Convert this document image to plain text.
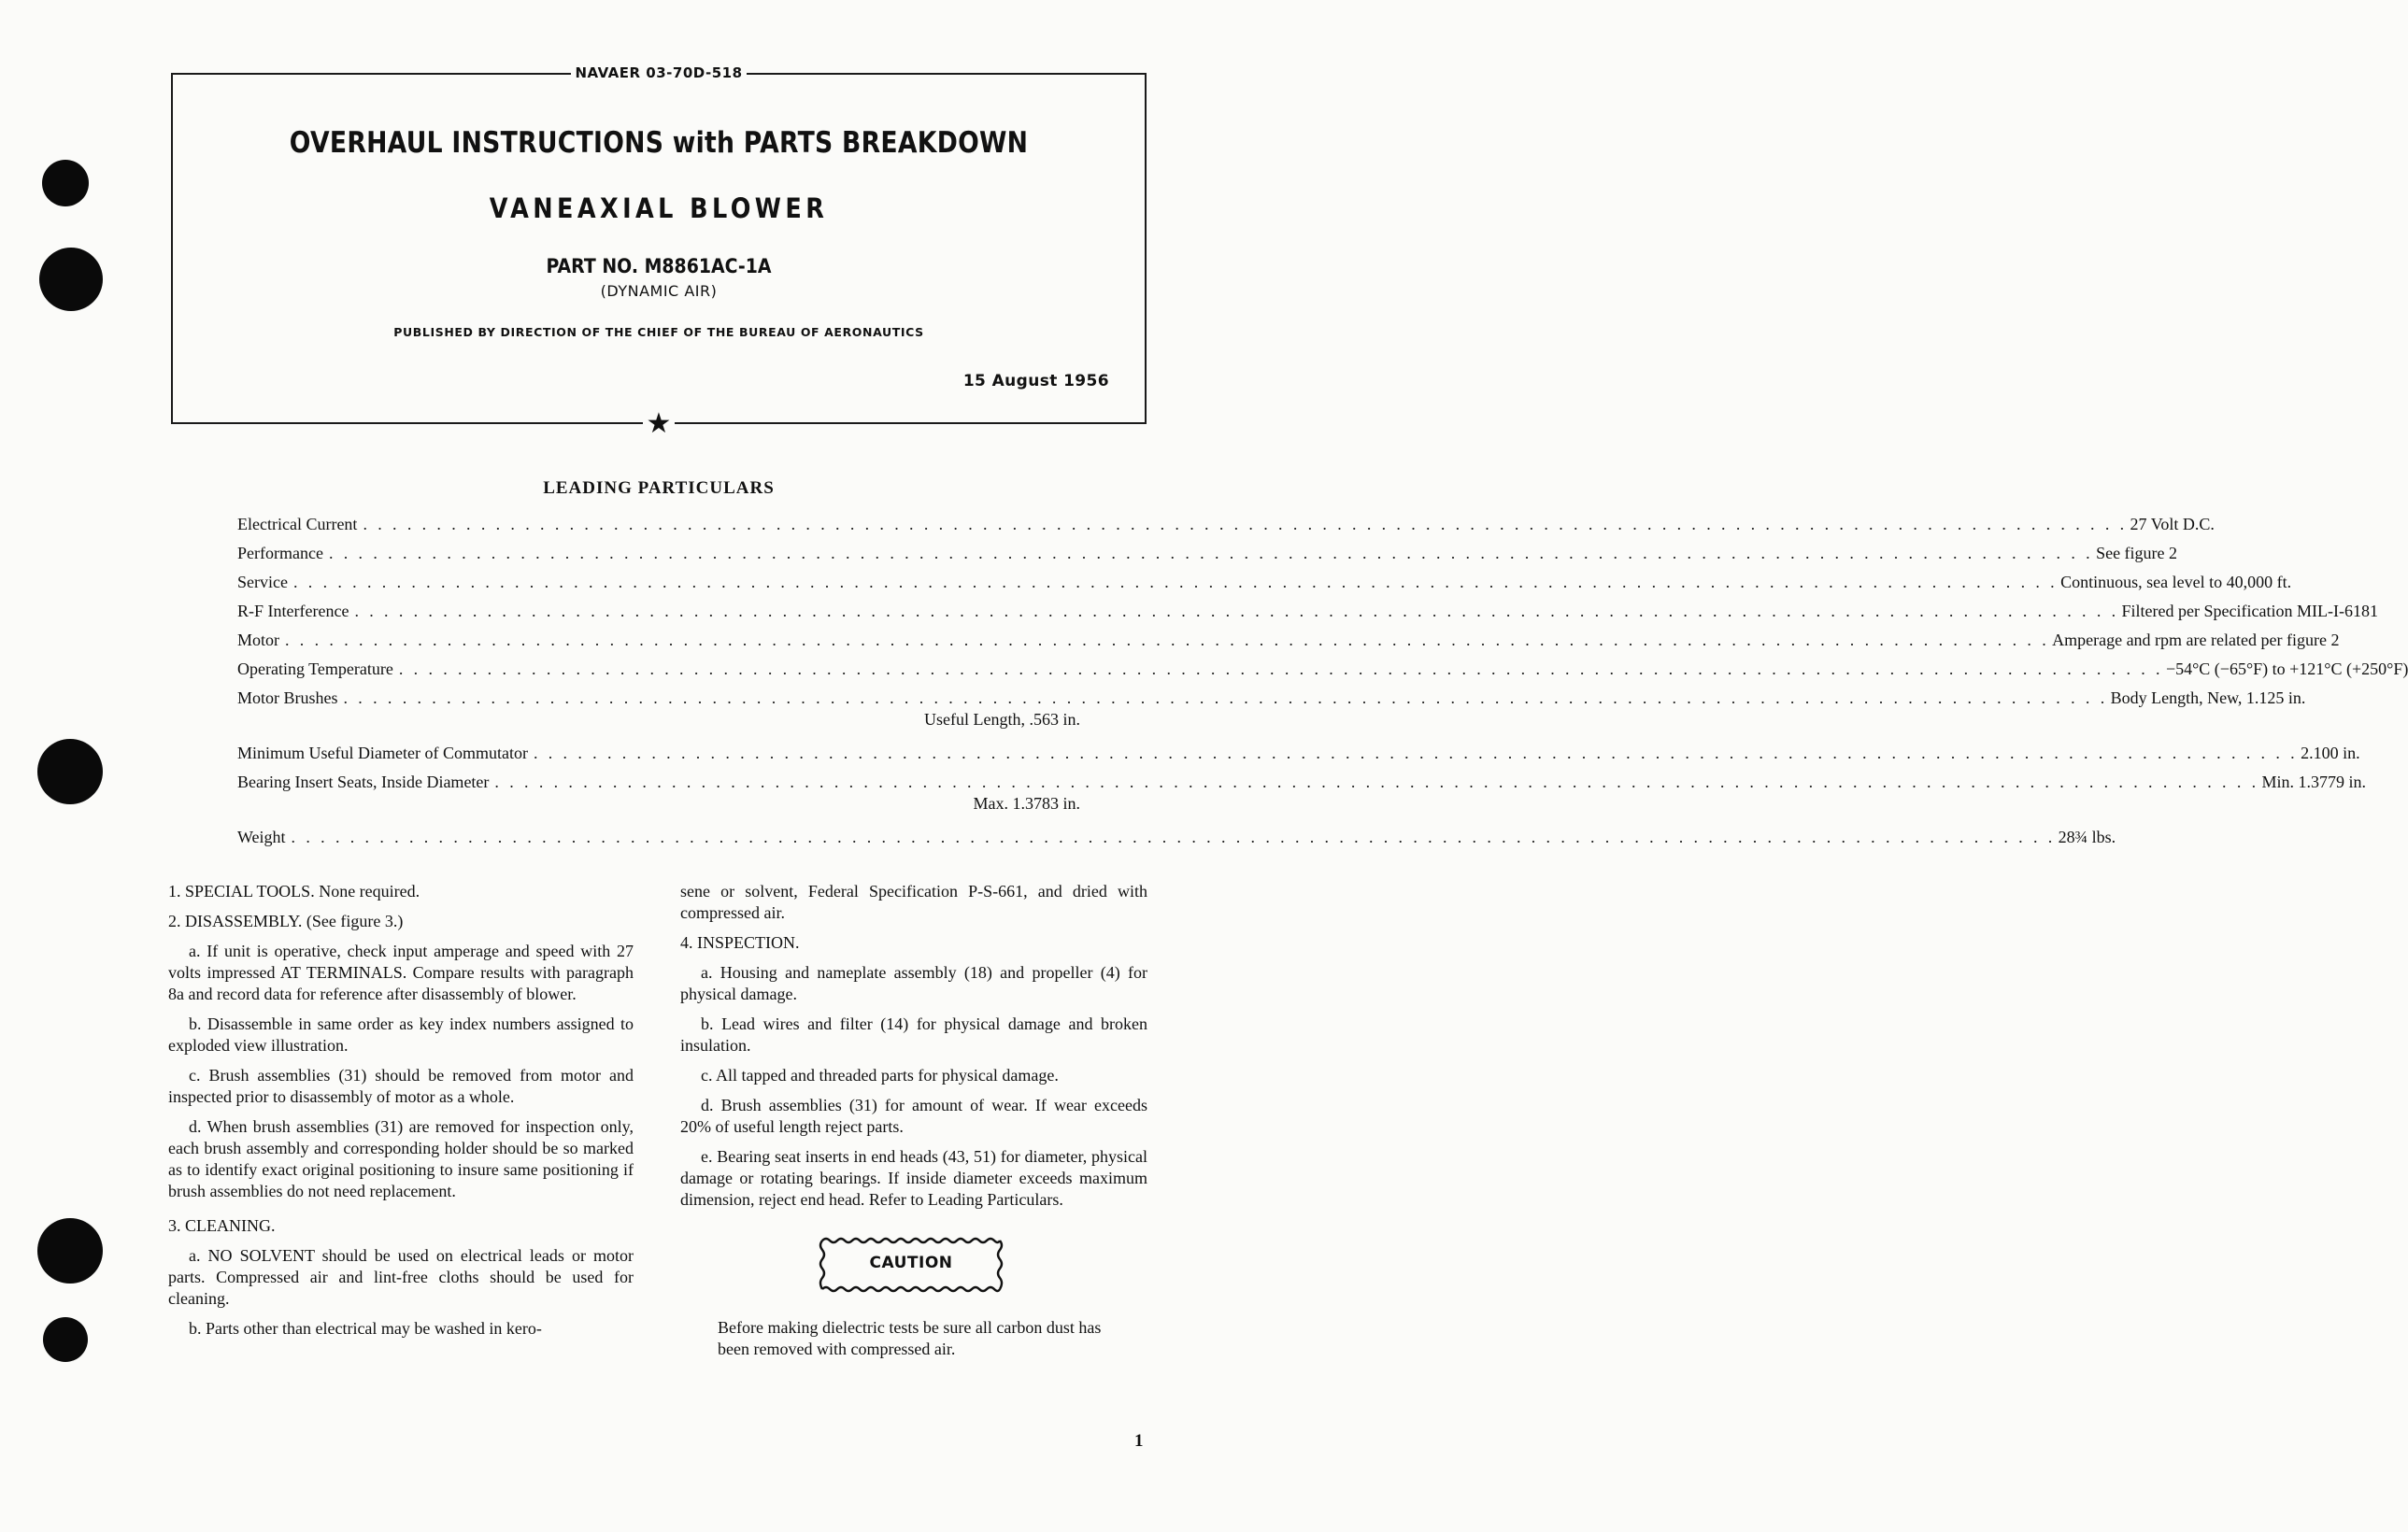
NAVAER 03-70D-518
OVERHAUL INSTRUCTIONS with PARTS BREAKDOWN
VANEAXIAL BLOWER
PART NO. M8861AC-1A
(DYNAMIC AIR)
PUBLISHED BY DIRECTION OF THE CHIEF OF THE BUREAU OF AERONAUTICS
15 August 1956
★
LEADING PARTICULARS
Electrical Current . . . . . . . . . . . . . . . . . . . . . . . . . . . . . . . . . . . . . . . . . . . . . . . . . . . . . . . . . . . . . . . . . . . . . . . . . . . . . . . . . . . . . . . . . . . . . . . . . . . . . . . . . . . . . . . . . . . . . . . . 27 Volt D.C.
Performance . . . . . . . . . . . . . . . . . . . . . . . . . . . . . . . . . . . . . . . . . . . . . . . . . . . . . . . . . . . . . . . . . . . . . . . . . . . . . . . . . . . . . . . . . . . . . . . . . . . . . . . . . . . . . . . . . . . . . . . . See figure 2
Service . . . . . . . . . . . . . . . . . . . . . . . . . . . . . . . . . . . . . . . . . . . . . . . . . . . . . . . . . . . . . . . . . . . . . . . . . . . . . . . . . . . . . . . . . . . . . . . . . . . . . . . . . . . . . . . . . . . . . . . . Continuous, sea level to 40,000 ft.
R-F Interference . . . . . . . . . . . . . . . . . . . . . . . . . . . . . . . . . . . . . . . . . . . . . . . . . . . . . . . . . . . . . . . . . . . . . . . . . . . . . . . . . . . . . . . . . . . . . . . . . . . . . . . . . . . . . . . . . . . . . . . . Filtered per Specification MIL-I-6181
Motor . . . . . . . . . . . . . . . . . . . . . . . . . . . . . . . . . . . . . . . . . . . . . . . . . . . . . . . . . . . . . . . . . . . . . . . . . . . . . . . . . . . . . . . . . . . . . . . . . . . . . . . . . . . . . . . . . . . . . . . . Amperage and rpm are related per figure 2
Operating Temperature . . . . . . . . . . . . . . . . . . . . . . . . . . . . . . . . . . . . . . . . . . . . . . . . . . . . . . . . . . . . . . . . . . . . . . . . . . . . . . . . . . . . . . . . . . . . . . . . . . . . . . . . . . . . . . . . . . . . . . . . −54°C (−65°F) to +121°C (+250°F)
Motor Brushes . . . . . . . . . . . . . . . . . . . . . . . . . . . . . . . . . . . . . . . . . . . . . . . . . . . . . . . . . . . . . . . . . . . . . . . . . . . . . . . . . . . . . . . . . . . . . . . . . . . . . . . . . . . . . . . . . . . . . . . . Body Length, New, 1.125 in.
Useful Length, .563 in.
Minimum Useful Diameter of Commutator . . . . . . . . . . . . . . . . . . . . . . . . . . . . . . . . . . . . . . . . . . . . . . . . . . . . . . . . . . . . . . . . . . . . . . . . . . . . . . . . . . . . . . . . . . . . . . . . . . . . . . . . . . . . . . . . . . . . . . . . 2.100 in.
Bearing Insert Seats, Inside Diameter . . . . . . . . . . . . . . . . . . . . . . . . . . . . . . . . . . . . . . . . . . . . . . . . . . . . . . . . . . . . . . . . . . . . . . . . . . . . . . . . . . . . . . . . . . . . . . . . . . . . . . . . . . . . . . . . . . . . . . . . Min. 1.3779 in.
Max. 1.3783 in.
Weight . . . . . . . . . . . . . . . . . . . . . . . . . . . . . . . . . . . . . . . . . . . . . . . . . . . . . . . . . . . . . . . . . . . . . . . . . . . . . . . . . . . . . . . . . . . . . . . . . . . . . . . . . . . . . . . . . . . . . . . . 28¾ lbs.

1. SPECIAL TOOLS. None required.

2. DISASSEMBLY. (See figure 3.)

a. If unit is operative, check input amperage and speed with 27 volts impressed AT TERMINALS. Compare results with paragraph 8a and record data for reference after disassembly of blower.

b. Disassemble in same order as key index numbers assigned to exploded view illustration.

c. Brush assemblies (31) should be removed from motor and inspected prior to disassembly of motor as a whole.

d. When brush assemblies (31) are removed for inspection only, each brush assembly and corresponding holder should be so marked as to identify exact original positioning to insure same positioning if brush assemblies do not need replacement.

3. CLEANING.

a. NO SOLVENT should be used on electrical leads or motor parts. Compressed air and lint-free cloths should be used for cleaning.

b. Parts other than electrical may be washed in kero-

sene or solvent, Federal Specification P-S-661, and dried with compressed air.

4. INSPECTION.

a. Housing and nameplate assembly (18) and propeller (4) for physical damage.

b. Lead wires and filter (14) for physical damage and broken insulation.

c. All tapped and threaded parts for physical damage.

d. Brush assemblies (31) for amount of wear. If wear exceeds 20% of useful length reject parts.

e. Bearing seat inserts in end heads (43, 51) for diameter, physical damage or rotating bearings. If inside diameter exceeds maximum dimension, reject end head. Refer to Leading Particulars.

CAUTION

Before making dielectric tests be sure all carbon dust has been removed with compressed air.

1
